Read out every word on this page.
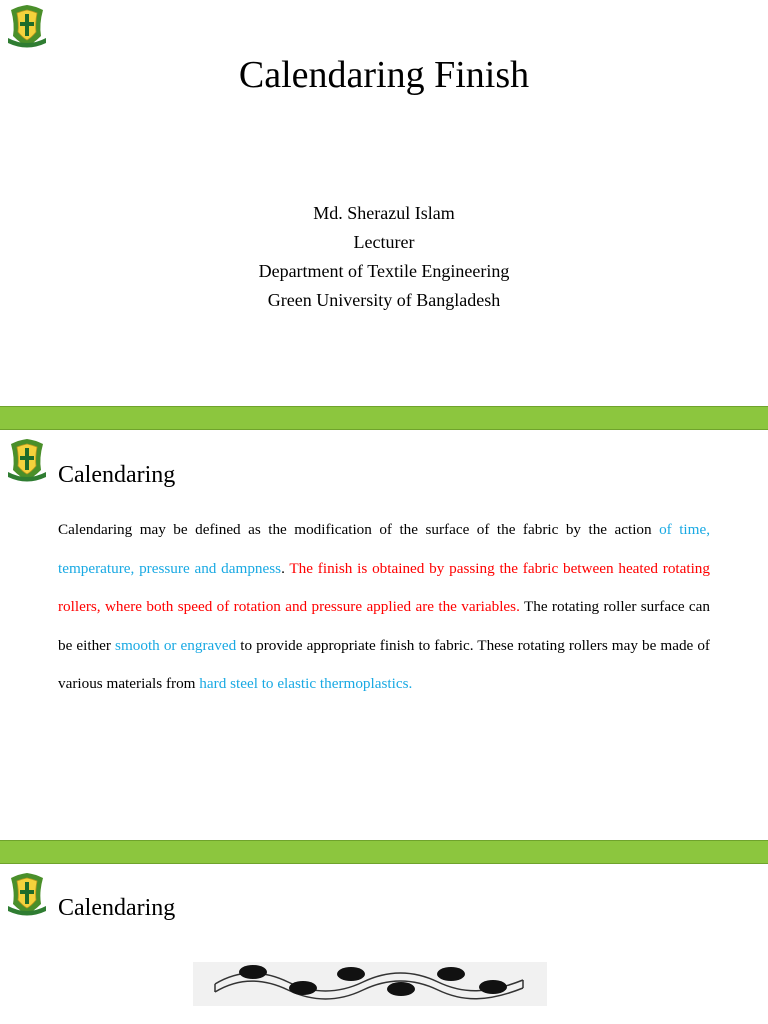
Calendaring Finish
Md. Sherazul Islam
Lecturer
Department of Textile Engineering
Green University of Bangladesh
Calendaring
Calendaring may be defined as the modification of the surface of the fabric by the action of time, temperature, pressure and dampness. The finish is obtained by passing the fabric between heated rotating rollers, where both speed of rotation and pressure applied are the variables. The rotating roller surface can be either smooth or engraved to provide appropriate finish to fabric. These rotating rollers may be made of various materials from hard steel to elastic thermoplastics.
Calendaring
